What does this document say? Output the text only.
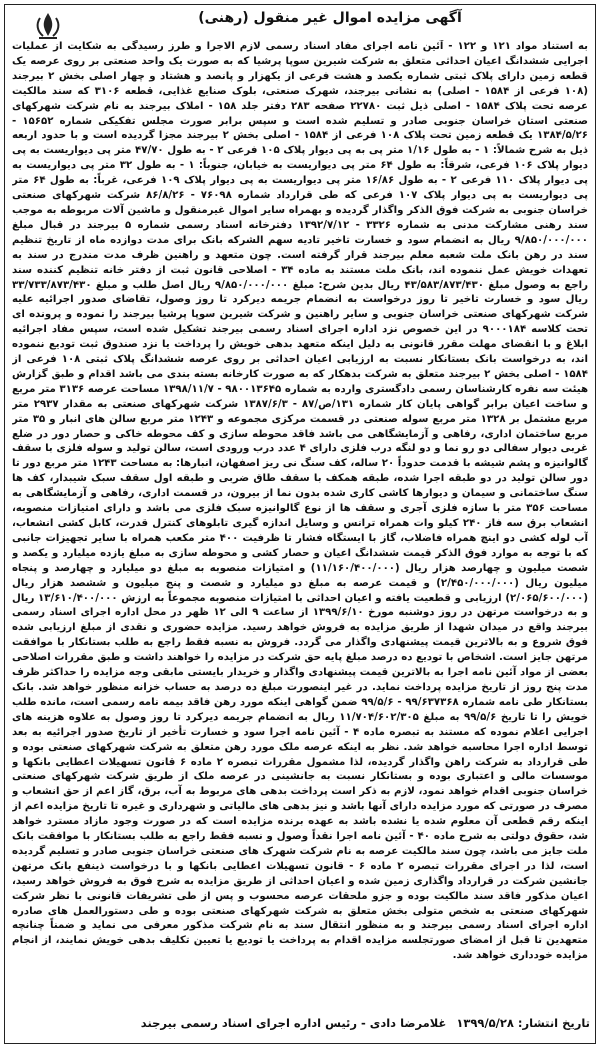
آگهی مزایده اموال غیر منقول (رهنی)

به استناد مواد ۱۲۱ و ۱۲۲ - آئین نامه اجرای مفاد اسناد رسمی لازم الاجرا و طرز رسیدگی به شکایت از عملیات اجرایی ششدانگ اعیان احداثی متعلق به شرکت شیرین سوپا پرشیا که به صورت یک واحد صنعتی بر روی عرصه یک قطعه زمین دارای پلاک ثبتی شماره یکصد و هشت فرعی از یکهزار و پانصد و هشتاد و چهار اصلی بخش ۲ بیرجند (۱۰۸ فرعی از ۱۵۸۴ - اصلی) به نشانی بیرجند، شهرک صنعتی، بلوک صنایع غذایی، قطعه ۳۱۰۶ که سند مالکیت عرصه تحت پلاک ۱۵۸۴ - اصلی ذیل ثبت ۲۲۷۸۰ صفحه ۲۸۳ دفتر جلد ۱۵۸ - املاک بیرجند به نام شرکت شهرکهای صنعتی استان خراسان جنوبی صادر و تسلیم شده است و سپس برابر صورت مجلس تفکیکی شماره ۱۵۶۵۲ - ۱۳۸۴/۵/۲۶ یک قطعه زمین تحت پلاک ۱۰۸ فرعی از ۱۵۸۴ - اصلی بخش ۲ بیرجند مجزا گردیده است و با حدود اربعه ذیل به شرح شمالاً: ۱ - به طول ۱/۱۶ متر پی به پی دیوار پلاک ۱۰۵ فرعی ۲ - به طول ۴۷/۷۰ متر پی دیواریست به پی دیوار پلاک ۱۰۶ فرعی، شرقاً: به طول ۶۴ متر پی دیواریست به خیابان، جنوباً: ۱ - به طول ۳۲ متر پی دیواریست به پی دیوار پلاک ۱۱۰ فرعی ۲ - به طول ۱۶/۸۶ متر پی دیواریست به پی دیوار پلاک ۱۰۹ فرعی، غرباً: به طول ۶۴ متر پی دیواریست به پی دیوار پلاک ۱۰۷ فرعی که طی قرارداد شماره ۷۶۰۹۸ - ۸۶/۸/۲۶ شرکت شهرکهای صنعتی خراسان جنوبی به شرکت فوق الذکر واگذار گردیده و بهمراه سایر اموال غیرمنقول و ماشین آلات مربوطه به موجب سند رهنی مشارکت مدنی به شماره ۳۳۲۶ - ۱۳۹۲/۷/۱۲ دفترخانه اسناد رسمی شماره ۵ بیرجند در قبال مبلغ ۹/۸۵۰/۰۰۰/۰۰۰ ریال به انضمام سود و خسارت تاخیر تادیه سهم الشرکه بانک برای مدت دوازده ماه از تاریخ تنظیم سند در رهن بانک ملت شعبه معلم بیرجند قرار گرفته است. چون متعهد و راهنین ظرف مدت مندرج در سند به تعهدات خویش عمل ننموده اند، بانک ملت مستند به ماده ۳۴ - اصلاحی قانون ثبت از دفتر خانه تنظیم کننده سند راجع به وصول مبلغ ۴۳/۵۸۳/۸۷۳/۴۳۰ ریال بدین شرح: مبلغ ۹/۸۵۰/۰۰۰/۰۰۰ ریال اصل طلب و مبلغ ۳۳/۷۳۳/۸۷۳/۴۳۰ ریال سود و خسارت تاخیر تا روز درخواست به انضمام جریمه دیرکرد تا روز وصول، تقاضای صدور اجرائیه علیه شرکت شهرکهای صنعتی خراسان جنوبی و سایر راهنین و شرکت شیرین سوپا پرشیا بیرجند را نموده و پرونده ای تحت کلاسه ۹۰۰۰۱۸۴ در این خصوص نزد اداره اجرای اسناد رسمی بیرجند تشکیل شده است، سپس مفاد اجرائیه ابلاغ و با انقضای مهلت مقرر قانونی به دلیل اینکه متعهد بدهی خویش را پرداخت یا نزد صندوق ثبت تودیع ننموده اند، به درخواست بانک بستانکار نسبت به ارزیابی اعیان احداثی بر روی عرصه ششدانگ پلاک ثبتی ۱۰۸ فرعی از ۱۵۸۴ - اصلی بخش ۲ بیرجند متعلق به شرکت بدهکار که به صورت کارخانه بسته بندی می باشد اقدام و طبق گزارش هیئت سه نفره کارشناسان رسمی دادگستری وارده به شماره ۹۸۰۰۱۳۶۴۵ - ۱۳۹۸/۱۱/۷ مساحت عرصه ۳۱۳۶ متر مربع و ساخت اعیان برابر گواهی پایان کار شماره ۱۳۱/ص/۸۷ - ۱۳۸۷/۶/۳ شرکت شهرکهای صنعتی به مقدار ۲۹۳۷ متر مربع مشتمل بر ۱۳۲۸ متر مربع سوله صنعتی در قسمت مرکزی مجموعه و ۱۲۴۳ متر مربع سالن های انبار و ۳۵ متر مربع ساختمان اداری، رفاهی و آزمایشگاهی می باشد فاقد محوطه سازی و کف محوطه خاکی و حصار دور در ضلع غربی دیوار سفالی دو رو نما و دو لنگه درب فلزی دارای ۴ عدد درب ورودی است، سالن تولید و سوله فلزی با سقف گالوانیزه و پشم شیشه با قدمت حدوداً ۲۰ ساله، کف سنگ نی ریز اصفهان، انبارها: به مساحت ۱۲۴۳ متر مربع دور تا دور سالن تولید در دو طبقه اجرا شده، طبقه همکف با سقف طاق ضربی و طبقه اول سقف سبک شیبدار، کف ها سنگ ساختمانی و سیمان و دیوارها کاشی کاری شده بدون نما از بیرون، در قسمت اداری، رفاهی و آزمایشگاهی به مساحت ۳۵۶ متر با سازه فلزی آجری و سقف ها از نوع گالوانیزه سبک فلزی می باشد و دارای امتیازات منصوبه، انشعاب برق سه فاز ۲۴۰ کیلو وات همراه ترانس و وسایل اندازه گیری تابلوهای کنترل قدرت، کابل کشی انشعاب، آب لوله کشی دو اینچ همراه فاضلاب، گاز با ایستگاه فشار تا ظرفیت ۴۰۰ متر مکعب همراه با سایر تجهیزات جانبی که با توجه به موارد فوق الذکر قیمت ششدانگ اعیان و حصار کشی و محوطه سازی به مبلغ یازده میلیارد و یکصد و شصت میلیون و چهارصد هزار ریال (۱۱/۱۶۰/۴۰۰/۰۰۰) و امتیازات منصوبه به مبلغ دو میلیارد و چهارصد و پنجاه میلیون ریال (۲/۴۵۰/۰۰۰/۰۰۰) و قیمت عرصه به مبلغ دو میلیارد و شصت و پنج میلیون و ششصد هزار ریال (۲/۰۶۵/۶۰۰/۰۰۰) ارزیابی و قطعیت یافته و اعیان احداثی با امتیازات منصوبه مجموعاً به ارزش ۱۳/۶۱۰/۴۰۰/۰۰۰ ریال و به درخواست مرتهن در روز دوشنبه مورخ ۱۳۹۹/۶/۱۰ از ساعت ۹ الی ۱۲ ظهر در محل اداره اجرای اسناد رسمی بیرجند واقع در میدان شهدا از طریق مزایده به فروش خواهد رسید. مزایده حضوری و نقدی از مبلغ ارزیابی شده فوق شروع و به بالاترین قیمت پیشنهادی واگذار می گردد. فروش به نسبه فقط راجع به طلب بستانکار با موافقت مرتهن جایز است. اشخاص با تودیع ده درصد مبلغ پایه حق شرکت در مزایده را خواهند داشت و طبق مقررات اصلاحی بعضی از مواد آئین نامه اجرا به بالاترین قیمت پیشنهادی واگذار و خریدار بایستی مابقی وجه مزایده را حداکثر ظرف مدت پنج روز از تاریخ مزایده پرداخت نماید. در غیر اینصورت مبلغ ده درصد به حساب خزانه منظور خواهد شد. بانک بستانکار طی نامه شماره ۹۹/۶۳۷۳۶۸ - ۹۹/۵/۶ ضمن گواهی اینکه مورد رهن فاقد بیمه نامه رسمی است، مانده طلب خویش را تا تاریخ ۹۹/۵/۶ به مبلغ ۱۱/۷۰۴/۶۰۲/۳۰۵ ریال به انضمام جریمه دیرکرد تا روز وصول به علاوه هزینه های اجرایی اعلام نموده که مستند به تبصره ماده ۴ - آئین نامه اجرا سود و خسارت تأخیر از تاریخ صدور اجرائیه به بعد توسط اداره اجرا محاسبه خواهد شد. نظر به اینکه عرصه ملک مورد رهن متعلق به شرکت شهرکهای صنعتی بوده و طی قرارداد به شرکت راهن واگذار گردیده، لذا مشمول مقررات تبصره ۲ ماده ۶ قانون تسهیلات اعطایی بانکها و موسسات مالی و اعتباری بوده و بستانکار نسبت به جانشینی در عرصه ملک از طریق شرکت شهرکهای صنعتی خراسان جنوبی اقدام خواهد نمود، لازم به ذکر است پرداخت بدهی های مربوط به آب، برق، گاز اعم از حق انشعاب و مصرف در صورتی که مورد مزایده دارای آنها باشد و نیز بدهی های مالیاتی و شهرداری و غیره تا تاریخ مزایده اعم از اینکه رقم قطعی آن معلوم شده یا نشده باشد به عهده برنده مزایده است که در صورت وجود مازاد مسترد خواهد شد، حقوق دولتی به شرح ماده ۴۰ - آئین نامه اجرا نقداً وصول و نسبه فقط راجع به طلب بستانکار با موافقت بانک ملت جایز می باشد، چون سند مالکیت عرصه به نام شرکت شهرک های صنعتی خراسان جنوبی صادر و تسلیم گردیده است، لذا در اجرای مقررات تبصره ۲ ماده ۶ - قانون تسهیلات اعطایی بانکها و با درخواست ذینفع بانک مرتهن جانشین شرکت در قرارداد واگذاری زمین شده و اعیان احداثی از طریق مزایده به شرح فوق به فروش خواهد رسید، اعیان مذکور فاقد سند مالکیت بوده و جزو ملحقات عرصه محسوب و پس از طی تشریفات قانونی با نظر شرکت شهرکهای صنعتی به شخص متولی بخش متعلق به شرکت شهرکهای صنعتی بوده و طی دستورالعمل های صادره اداره اجرای اسناد رسمی بیرجند و به منظور انتقال سند به نام شرکت مذکور معرفی می نماید و ضمناً چنانچه متعهدین تا قبل از امضای صورتجلسه مزایده اقدام به پرداخت یا تودیع یا تعیین تکلیف بدهی خویش نمایند، از انجام مزایده خودداری خواهد شد.

تاریخ انتشار: ۱۳۹۹/۵/۲۸ غلامرضا دادی - رئیس اداره اجرای اسناد رسمی بیرجند
